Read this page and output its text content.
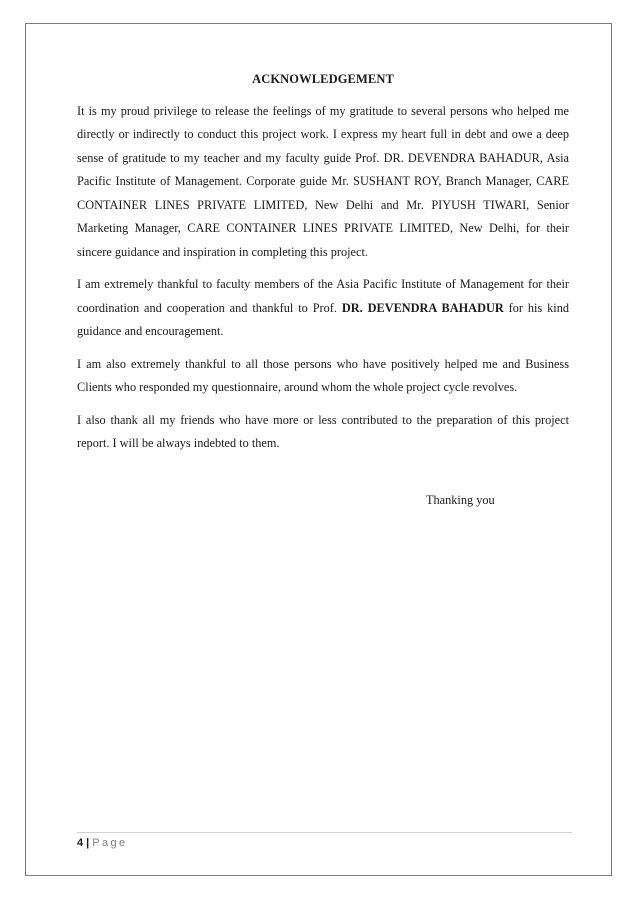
ACKNOWLEDGEMENT

It is my proud privilege to release the feelings of my gratitude to several persons who helped me directly or indirectly to conduct this project work. I express my heart full in debt and owe a deep sense of gratitude to my teacher and my faculty guide Prof. DR. DEVENDRA BAHADUR, Asia Pacific Institute of Management. Corporate guide Mr. SUSHANT ROY, Branch Manager, CARE CONTAINER LINES PRIVATE LIMITED, New Delhi and Mr. PIYUSH TIWARI, Senior Marketing Manager, CARE CONTAINER LINES PRIVATE LIMITED, New Delhi, for their sincere guidance and inspiration in completing this project.

I am extremely thankful to faculty members of the Asia Pacific Institute of Management for their coordination and cooperation and thankful to Prof. DR. DEVENDRA BAHADUR for his kind guidance and encouragement.

I am also extremely thankful to all those persons who have positively helped me and Business Clients who responded my questionnaire, around whom the whole project cycle revolves.

I also thank all my friends who have more or less contributed to the preparation of this project report. I will be always indebted to them.

Thanking you
4 | Page
